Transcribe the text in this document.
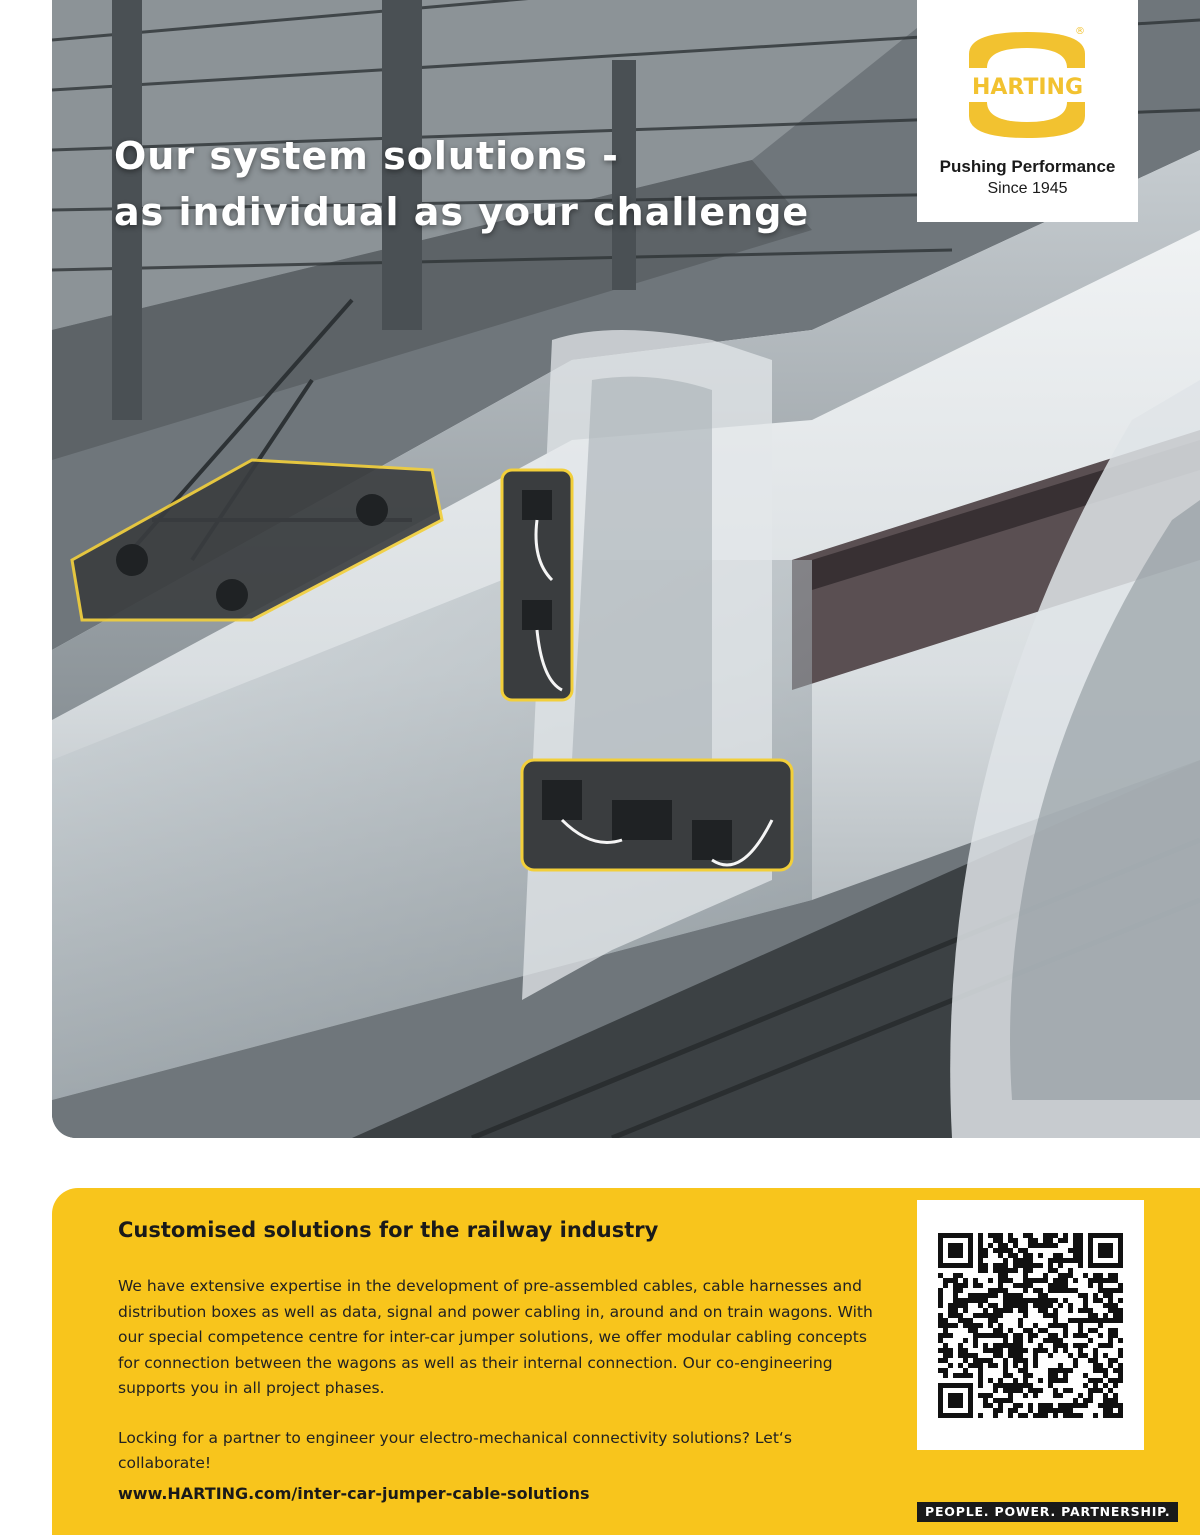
Our system solutions -
as individual as your challenge
HARTING
®
Pushing Performance
Since 1945
Customised solutions for the railway industry

We have extensive expertise in the development of pre-assembled cables, cable harnesses and distribution boxes as well as data, signal and power cabling in, around and on train wagons. With our special competence centre for inter-car jumper solutions, we offer modular cabling concepts for connection between the wagons as well as their internal connection. Our co-engineering supports you in all project phases.

Locking for a partner to engineer your electro-mechanical connectivity solutions? Let‘s collaborate!

www.HARTING.com/inter-car-jumper-cable-solutions
PEOPLE. POWER. PARTNERSHIP.
